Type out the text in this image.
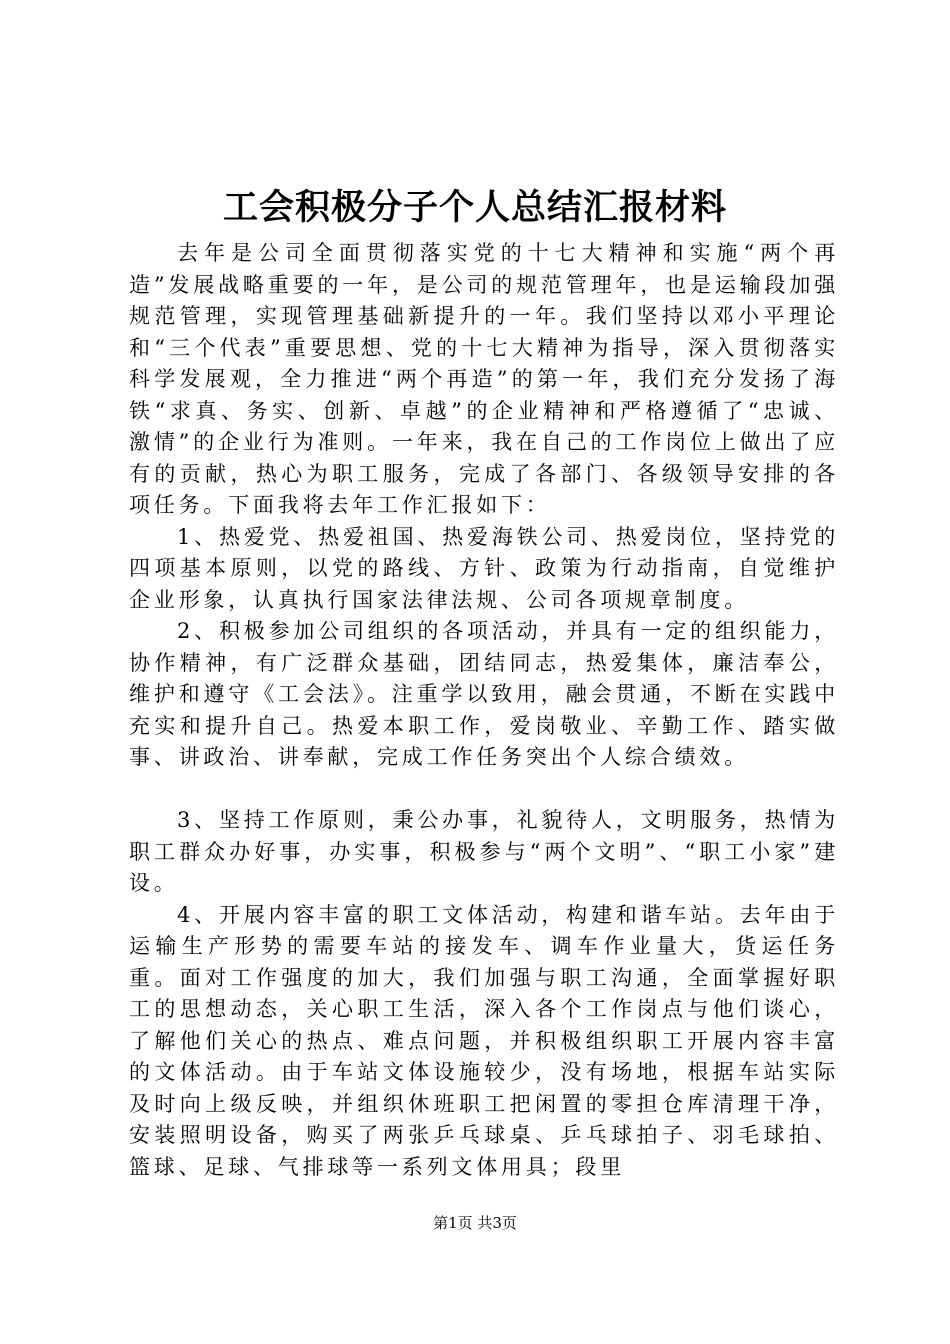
工会积极分子个人总结汇报材料

去年是公司全面贯彻落实党的十七大精神和实施“两个再造”发展战略重要的一年，是公司的规范管理年，也是运输段加强规范管理，实现管理基础新提升的一年。我们坚持以邓小平理论和“三个代表”重要思想、党的十七大精神为指导，深入贯彻落实科学发展观，全力推进“两个再造”的第一年，我们充分发扬了海铁“求真、务实、创新、卓越”的企业精神和严格遵循了“忠诚、激情”的企业行为准则。一年来，我在自己的工作岗位上做出了应有的贡献，热心为职工服务，完成了各部门、各级领导安排的各项任务。下面我将去年工作汇报如下：

1、热爱党、热爱祖国、热爱海铁公司、热爱岗位，坚持党的四项基本原则，以党的路线、方针、政策为行动指南，自觉维护企业形象，认真执行国家法律法规、公司各项规章制度。

2、积极参加公司组织的各项活动，并具有一定的组织能力，协作精神，有广泛群众基础，团结同志，热爱集体，廉洁奉公，维护和遵守《工会法》。注重学以致用，融会贯通，不断在实践中充实和提升自己。热爱本职工作，爱岗敬业、辛勤工作、踏实做事、讲政治、讲奉献，完成工作任务突出个人综合绩效。

3、坚持工作原则，秉公办事，礼貌待人，文明服务，热情为职工群众办好事，办实事，积极参与“两个文明”、“职工小家”建设。

4、开展内容丰富的职工文体活动，构建和谐车站。去年由于运输生产形势的需要车站的接发车、调车作业量大，货运任务重。面对工作强度的加大，我们加强与职工沟通，全面掌握好职工的思想动态，关心职工生活，深入各个工作岗点与他们谈心，了解他们关心的热点、难点问题，并积极组织职工开展内容丰富的文体活动。由于车站文体设施较少，没有场地，根据车站实际及时向上级反映，并组织休班职工把闲置的零担仓库清理干净，安装照明设备，购买了两张乒乓球桌、乒乓球拍子、羽毛球拍、篮球、足球、气排球等一系列文体用具；段里

第1页 共3页
